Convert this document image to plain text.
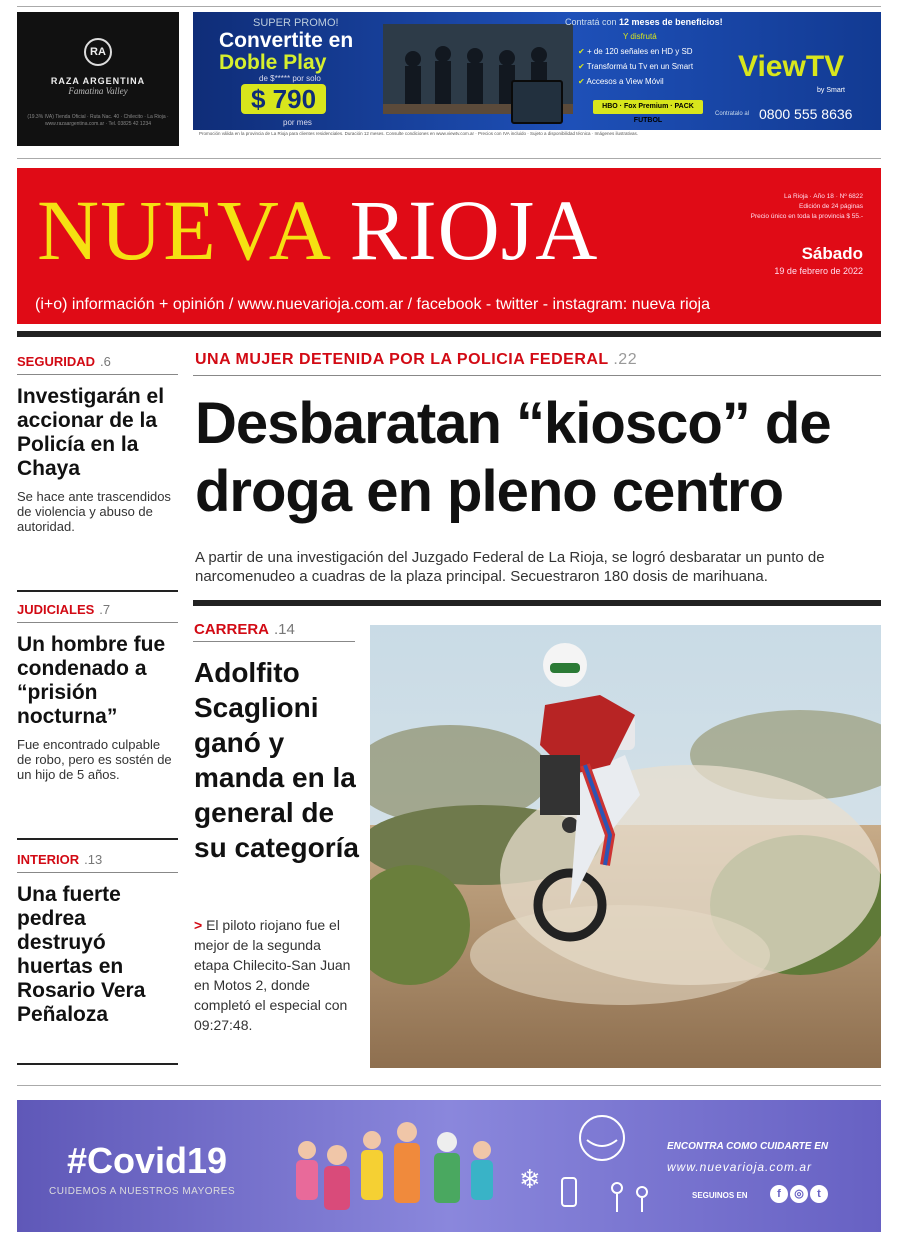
RA
RAZA ARGENTINA
Famatina Valley
(19.3% IVA) Tienda Oficial · Ruta Nac. 40 · Chilecito · La Rioja · www.razaargentina.com.ar · Tel. 03825 42 1234
SUPER PROMO!
Convertite en
Doble Play
de $***** por solo
$ 790
por mes
Contratá con 12 meses de beneficios!
Y disfrutá
✔ + de 120 señales en HD y SD
✔ Transformá tu Tv en un Smart
✔ Accesos a View Móvil
HBO · Fox Premium · PACK FUTBOL
ViewTV
by Smart
Contratalo al 0800 555 8636
Promoción válida en la provincia de La Rioja para clientes residenciales. Duración 12 meses. Consulte condiciones en www.viewtv.com.ar · Precios con IVA incluido · Sujeto a disponibilidad técnica · Imágenes ilustrativas.
NUEVA RIOJA	La Rioja · Año 18 · Nº 6822
Edición de 24 páginas
Precio único en toda la provincia $ 55.-
Sábado
19 de febrero de 2022
(i+o) información + opinión / www.nuevarioja.com.ar / facebook - twitter - instagram: nueva rioja
SEGURIDAD .6
Investigarán el accionar de la Policía en la Chaya
Se hace ante trascendidos de violencia y abuso de autoridad.
JUDICIALES .7
Un hombre fue condenado a “prisión nocturna”
Fue encontrado culpable de robo, pero es sostén de un hijo de 5 años.
INTERIOR .13
Una fuerte pedrea destruyó huertas en Rosario Vera Peñaloza
UNA MUJER DETENIDA POR LA POLICIA FEDERAL .22
Desbaratan “kiosco” de droga en pleno centro
A partir de una investigación del Juzgado Federal de La Rioja, se logró desbaratar un punto de narcomenudeo a cuadras de la plaza principal. Secuestraron 180 dosis de marihuana.
CARRERA .14
Adolfito Scaglioni ganó y manda en la general de su categoría
> El piloto riojano fue el mejor de la segunda etapa Chilecito-San Juan en Motos 2, donde completó el especial con 09:27:48.
#Covid19
CUIDEMOS A NUESTROS MAYORES	❄
ENCONTRA COMO CUIDARTE EN
www.nuevarioja.com.ar
SEGUINOS EN	f ◎ t
